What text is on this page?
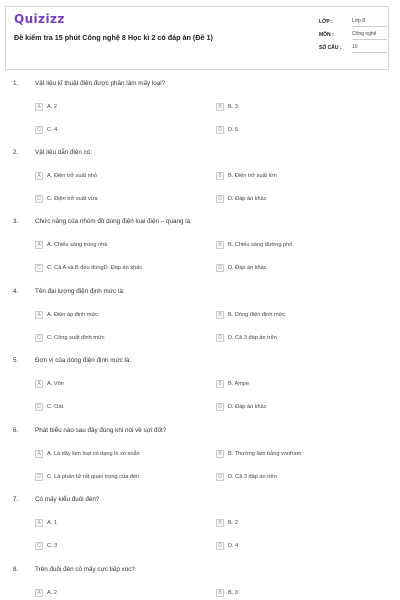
Quizizz
Đề kiểm tra 15 phút Công nghệ 8 Học kì 2 có đáp án (Đề 1)
LỚP :	Lớp 8
MÔN :	Công nghệ
SỐ CÂU :	10
1.	Vật liệu kĩ thuật điện được phân làm mấy loại?
A	A. 2	B	B. 3
C	C. 4	D	D. 5
2.	Vật liệu dẫn điện có:
A	A. Điện trở suất nhỏ	B	B. Điện trở suất lớn
C	C. Điện trở suất vừa	D	D. Đáp án khác
3.	Chức năng của nhóm đồ dùng điện loại điện – quang là:
A	A. Chiếu sáng trong nhà	B	B. Chiếu sáng đường phố
C	C. Cả A và B đều đúngD. Đáp án khác	D	D. Đáp án khác
4.	Tên đại lượng điện định mức là:
A	A. Điện áp định mức	B	B. Dòng điện định mức
C	C. Công suất định mức	D	D. Cả 3 đáp án trên
5.	Đơn vị của dòng điện định mức là:
A	A. Vôn	B	B. Ampe
C	C. Oát	D	D. Đáp án khác
6.	Phát biểu nào sau đây đúng khi nói về sợi đốt?
A	A. Là dây kim loại có dạng lò xo xoắn	B	B. Thường làm bằng vonfram
C	C. Là phần tử rất quan trọng của đèn	D	D. Cả 3 đáp án trên
7.	Có mấy kiểu đuôi đèn?
A	A. 1	B	B. 2
C	C. 3	D	D. 4
8.	Trên đuôi đèn có mấy cực tiếp xúc?
A	A. 2	B	B. 3
